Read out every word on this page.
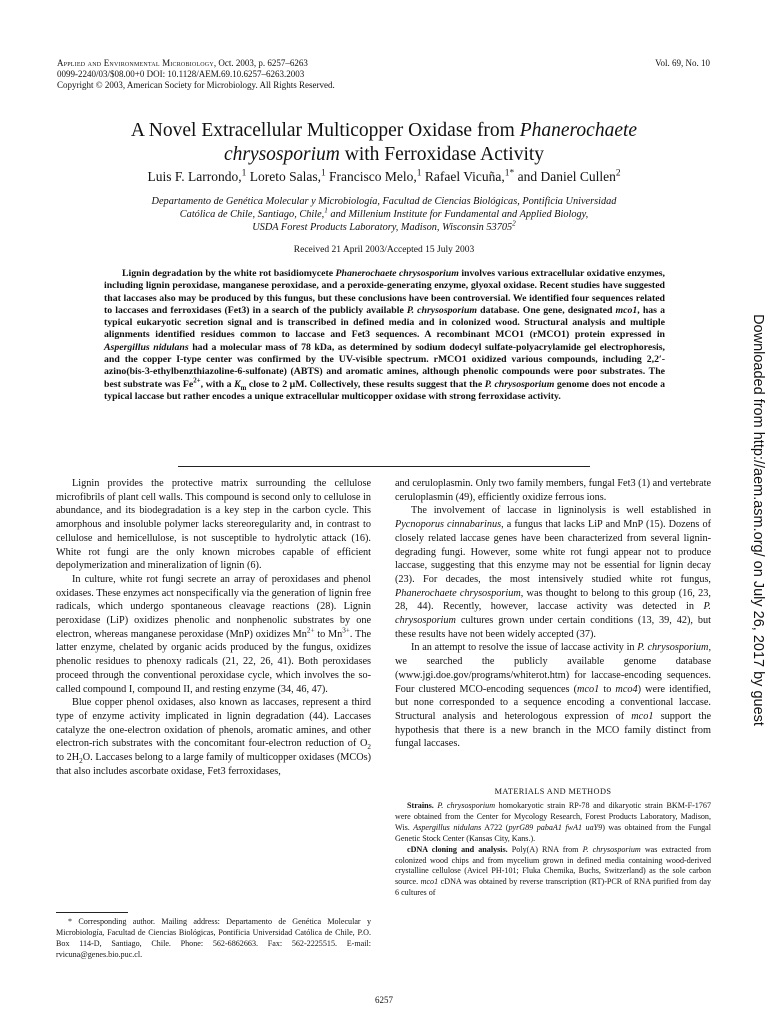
Applied and Environmental Microbiology, Oct. 2003, p. 6257–6263
0099-2240/03/$08.00+0 DOI: 10.1128/AEM.69.10.6257–6263.2003
Copyright © 2003, American Society for Microbiology. All Rights Reserved.
Vol. 69, No. 10
A Novel Extracellular Multicopper Oxidase from Phanerochaete
chrysosporium with Ferroxidase Activity
Luis F. Larrondo,$^1$ Loreto Salas,$^1$ Francisco Melo,$^1$ Rafael Vicuña,$^{1*}$ and Daniel Cullen$^2$
Departamento de Genética Molecular y Microbiología, Facultad de Ciencias Biológicas, Pontificia Universidad
Católica de Chile, Santiago, Chile,$^1$ and Millenium Institute for Fundamental and Applied Biology,
USDA Forest Products Laboratory, Madison, Wisconsin 53705$^2$
Received 21 April 2003/Accepted 15 July 2003

Lignin degradation by the white rot basidiomycete Phanerochaete chrysosporium involves various extracellular oxidative enzymes, including lignin peroxidase, manganese peroxidase, and a peroxide-generating enzyme, glyoxal oxidase. Recent studies have suggested that laccases also may be produced by this fungus, but these conclusions have been controversial. We identified four sequences related to laccases and ferroxidases (Fet3) in a search of the publicly available P. chrysosporium database. One gene, designated mco1, has a typical eukaryotic secretion signal and is transcribed in defined media and in colonized wood. Structural analysis and multiple alignments identified residues common to laccase and Fet3 sequences. A recombinant MCO1 (rMCO1) protein expressed in Aspergillus nidulans had a molecular mass of 78 kDa, as determined by sodium dodecyl sulfate-polyacrylamide gel electrophoresis, and the copper I-type center was confirmed by the UV-visible spectrum. rMCO1 oxidized various compounds, including 2,2′-azino(bis-3-ethylbenzthiazoline-6-sulfonate) (ABTS) and aromatic amines, although phenolic compounds were poor substrates. The best substrate was $Fe^{2+}$, with a $K_m$ close to 2 μM. Collectively, these results suggest that the P. chrysosporium genome does not encode a typical laccase but rather encodes a unique extracellular multicopper oxidase with strong ferroxidase activity.

Lignin provides the protective matrix surrounding the cellulose microfibrils of plant cell walls. This compound is second only to cellulose in abundance, and its biodegradation is a key step in the carbon cycle. This amorphous and insoluble polymer lacks stereoregularity and, in contrast to cellulose and hemicellulose, is not susceptible to hydrolytic attack (16). White rot fungi are the only known microbes capable of efficient depolymerization and mineralization of lignin (6).

In culture, white rot fungi secrete an array of peroxidases and phenol oxidases. These enzymes act nonspecifically via the generation of lignin free radicals, which undergo spontaneous cleavage reactions (28). Lignin peroxidase (LiP) oxidizes phenolic and nonphenolic substrates by one electron, whereas manganese peroxidase (MnP) oxidizes $Mn^{2+}$ to $Mn^{3+}$. The latter enzyme, chelated by organic acids produced by the fungus, oxidizes phenolic residues to phenoxy radicals (21, 22, 26, 41). Both peroxidases proceed through the conventional peroxidase cycle, which involves the so-called compound I, compound II, and resting enzyme (34, 46, 47).

Blue copper phenol oxidases, also known as laccases, represent a third type of enzyme activity implicated in lignin degradation (44). Laccases catalyze the one-electron oxidation of phenols, aromatic amines, and other electron-rich substrates with the concomitant four-electron reduction of $O_2$ to $2H_2O$. Laccases belong to a large family of multicopper oxidases (MCOs) that also includes ascorbate oxidase, Fet3 ferroxidases,

* Corresponding author. Mailing address: Departamento de Genética Molecular y Microbiología, Facultad de Ciencias Biológicas, Pontificia Universidad Católica de Chile, P.O. Box 114-D, Santiago, Chile. Phone: 562-6862663. Fax: 562-2225515. E-mail: rvicuna@genes.bio.puc.cl.

and ceruloplasmin. Only two family members, fungal Fet3 (1) and vertebrate ceruloplasmin (49), efficiently oxidize ferrous ions.

The involvement of laccase in ligninolysis is well established in Pycnoporus cinnabarinus, a fungus that lacks LiP and MnP (15). Dozens of closely related laccase genes have been characterized from several lignin-degrading fungi. However, some white rot fungi appear not to produce laccase, suggesting that this enzyme may not be essential for lignin decay (23). For decades, the most intensively studied white rot fungus, Phanerochaete chrysosporium, was thought to belong to this group (16, 23, 28, 44). Recently, however, laccase activity was detected in P. chrysosporium cultures grown under certain conditions (13, 39, 42), but these results have not been widely accepted (37).

In an attempt to resolve the issue of laccase activity in P. chrysosporium, we searched the publicly available genome database (www.jgi.doe.gov/programs/whiterot.htm) for laccase-encoding sequences. Four clustered MCO-encoding sequences (mco1 to mco4) were identified, but none corresponded to a sequence encoding a conventional laccase. Structural analysis and heterologous expression of mco1 support the hypothesis that there is a new branch in the MCO family distinct from fungal laccases.

MATERIALS AND METHODS

Strains. P. chrysosporium homokaryotic strain RP-78 and dikaryotic strain BKM-F-1767 were obtained from the Center for Mycology Research, Forest Products Laboratory, Madison, Wis. Aspergillus nidulans A722 (pyrG89 pabaA1 fwA1 uaY9) was obtained from the Fungal Genetic Stock Center (Kansas City, Kans.).

cDNA cloning and analysis. Poly(A) RNA from P. chrysosporium was extracted from colonized wood chips and from mycelium grown in defined media containing wood-derived crystalline cellulose (Avicel PH-101; Fluka Chemika, Buchs, Switzerland) as the sole carbon source. mco1 cDNA was obtained by reverse transcription (RT)-PCR of RNA purified from day 6 cultures of

6257
Downloaded from http://aem.asm.org/ on July 26, 2017 by guest
